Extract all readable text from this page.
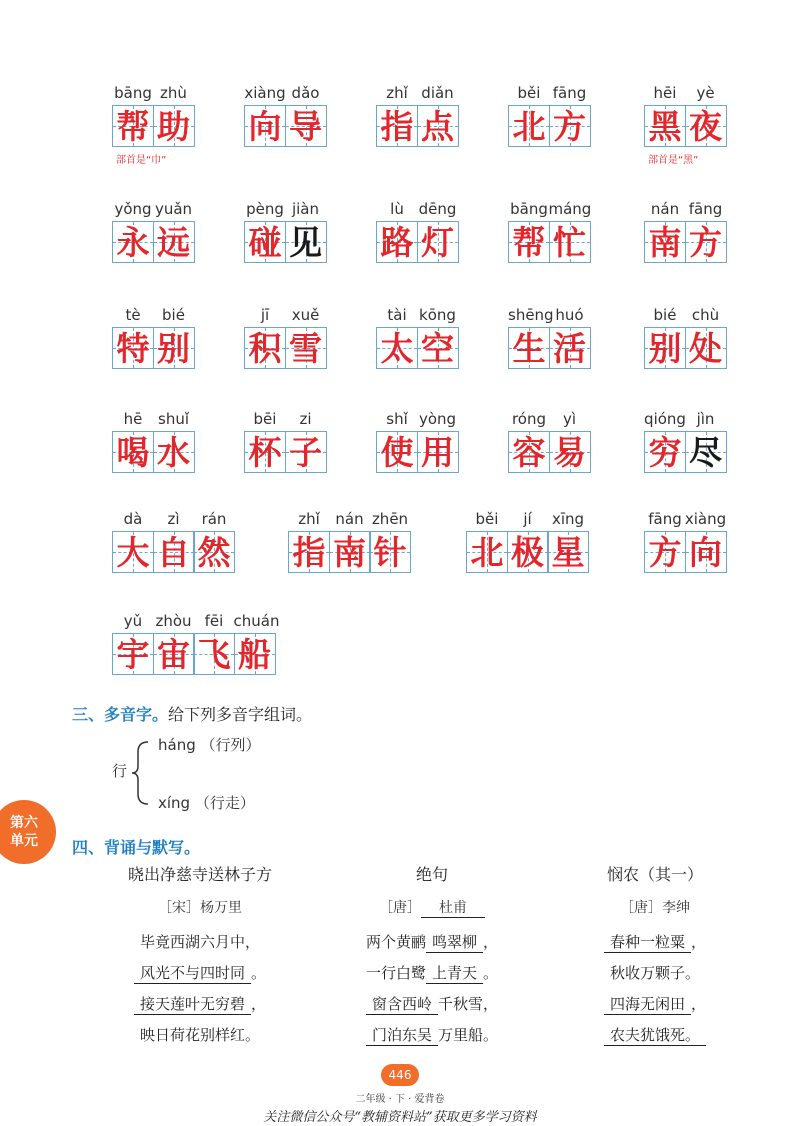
bāng zhù
帮 助
部首是“巾”
xiàng dǎo
向 导
zhǐ diǎn
指 点
běi fāng
北 方
hēi	yè
黑 夜
部首是“黑”
yǒng yuǎn
永 远
pèng jiàn
碰 见
lù dēng
路 灯
bāng máng
帮 忙
nán fāng
南 方
tè	bié
特 别
jī	xuě
积 雪
tài kōng
太 空
shēng huó
生 活
bié	chù
别 处
hē	shuǐ
喝 水
bēi	zi
杯 子
shǐ yòng
使 用
róng	yì
容 易
qióng jìn
穷 尽
dà	zì	rán
大 自 然
zhǐ	nán zhēn
指 南 针
běi	jí	xīng
北 极 星
fāng xiàng
方 向
yǔ zhòu fēi chuán
宇 宙 飞 船
三、多音字。给下列多音字组词。
行
háng （行列）
xíng （行走）
第六
单元 四、背诵与默写。
晓出净慈寺送林子方
［宋］杨万里
毕竟西湖六月中，
风光不与四时同 。
接天莲叶无穷碧 ，
映日荷花别样红。
绝句
［唐］ 杜甫
两个黄鹂 鸣翠柳 ，
一行白鹭 上青天 。
窗含西岭 千秋雪，
门泊东吴 万里船。
悯农（其一）
［唐］李绅
春种一粒粟 ，
秋收万颗子。
四海无闲田 ，
农夫犹饿死。
446
二年级 · 下 · 爱背卷
关注微信公众号“教辅资料站”获取更多学习资料
